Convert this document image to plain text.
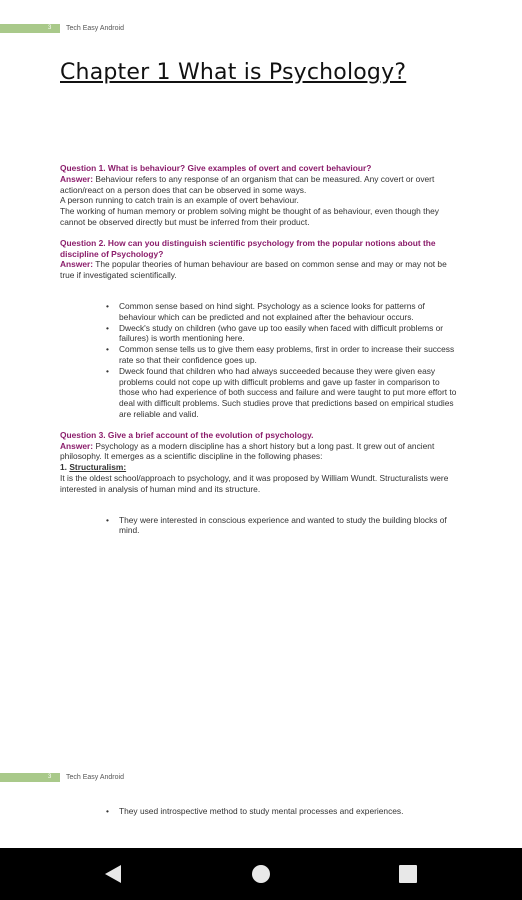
3 Tech Easy Android
Chapter 1 What is Psychology?

Question 1. What is behaviour? Give examples of overt and covert behaviour?

Answer: Behaviour refers to any response of an organism that can be measured. Any covert or overt action/react on a person does that can be observed in some ways.

A person running to catch train is an example of overt behaviour.

The working of human memory or problem solving might be thought of as behaviour, even though they cannot be observed directly but must be inferred from their product.

Question 2. How can you distinguish scientific psychology from the popular notions about the discipline of Psychology?

Answer: The popular theories of human behaviour are based on common sense and may or may not be true if investigated scientifically.

• Common sense based on hind sight. Psychology as a science looks for patterns of behaviour which can be predicted and not explained after the behaviour occurs.
• Dweck's study on children (who gave up too easily when faced with difficult problems or failures) is worth mentioning here.
• Common sense tells us to give them easy problems, first in order to increase their success rate so that their confidence goes up.
• Dweck found that children who had always succeeded because they were given easy problems could not cope up with difficult problems and gave up faster in comparison to those who had experience of both success and failure and were taught to put more effort to deal with difficult problems. Such studies prove that predictions based on empirical studies are reliable and valid.

Question 3. Give a brief account of the evolution of psychology.

Answer: Psychology as a modern discipline has a short history but a long past. It grew out of ancient philosophy. It emerges as a scientific discipline in the following phases:

1. Structuralism:

It is the oldest school/approach to psychology, and it was proposed by William Wundt. Structuralists were interested in analysis of human mind and its structure.

• They were interested in conscious experience and wanted to study the building blocks of mind.
3 Tech Easy Android
• They used introspective method to study mental processes and experiences.
